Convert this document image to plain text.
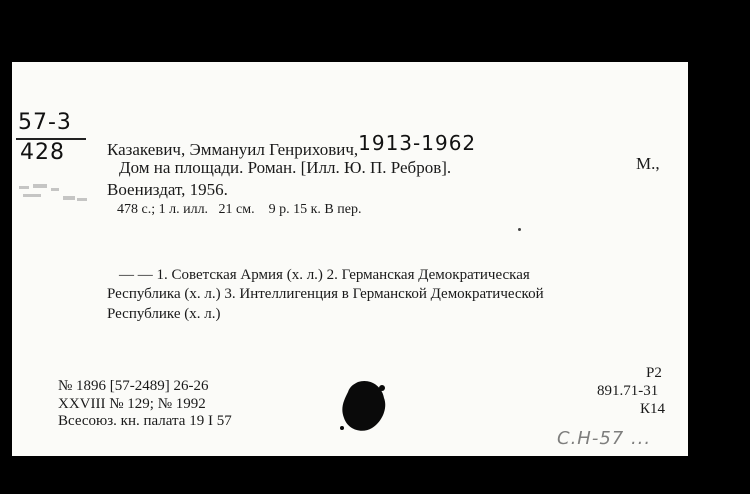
57-3
428 Казакевич, Эммануил Генрихович,1913-1962
Дом на площади. Роман. [Илл. Ю. П. Ребров].	М.,
Воениздат, 1956.
478 с.; 1 л. илл.   21 см.    9 р. 15 к. В пер.
— — 1. Советская Армия (х. л.) 2. Германская Демократическая
Республика (х. л.) 3. Интеллигенция в Германской Демократической
Республике (х. л.)
№ 1896 [57-2489] 26-26
XXVIII № 129; № 1992
Всесоюз. кн. палата 19 I 57
Р2
891.71-31
К14
С.Н-57 ...
